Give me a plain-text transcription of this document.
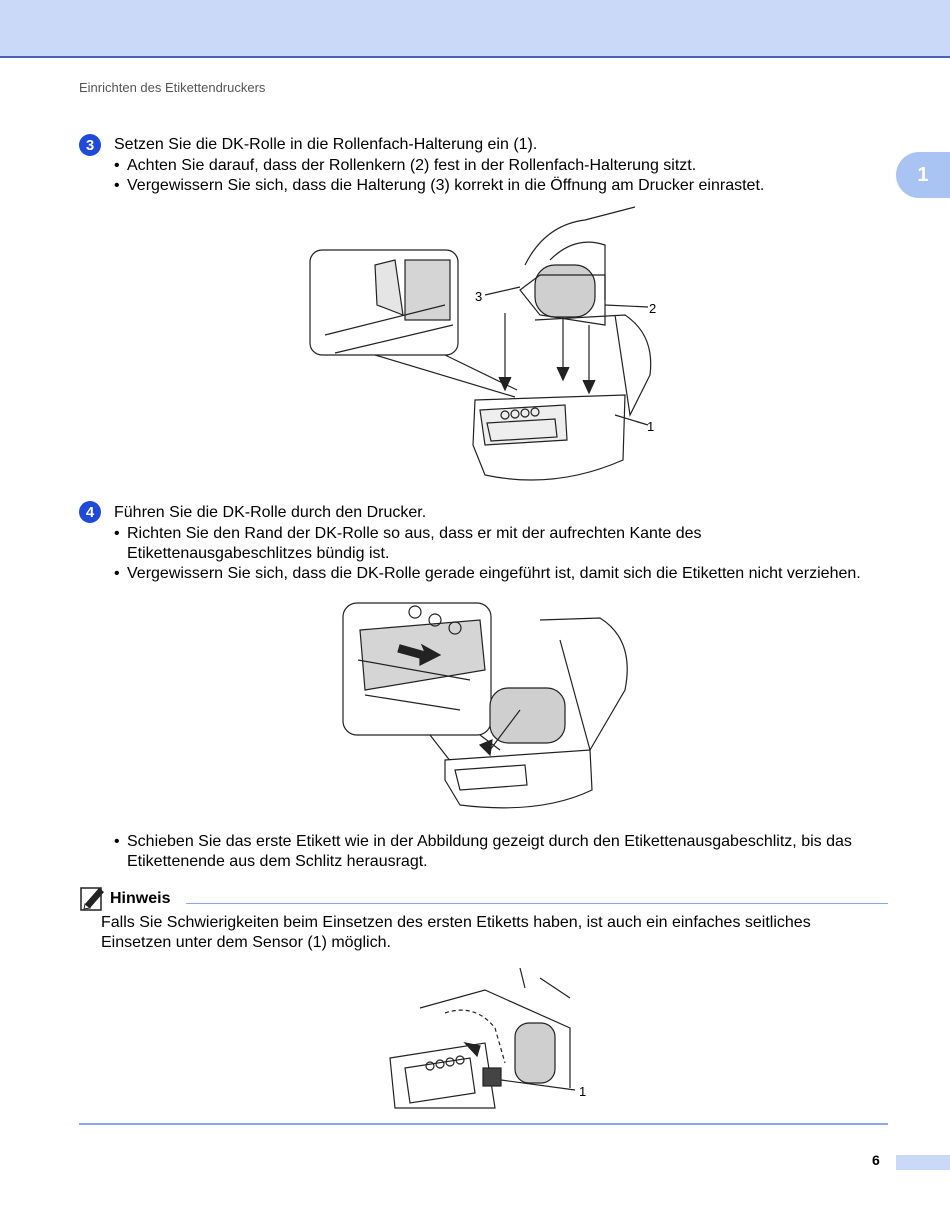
Einrichten des Etikettendruckers
1
3	Setzen Sie die DK-Rolle in die Rollenfach-Halterung ein (1).
• Achten Sie darauf, dass der Rollenkern (2) fest in der Rollenfach-Halterung sitzt.
• Vergewissern Sie sich, dass die Halterung (3) korrekt in die Öffnung am Drucker einrastet.
3
2
1
4	Führen Sie die DK-Rolle durch den Drucker.
• Richten Sie den Rand der DK-Rolle so aus, dass er mit der aufrechten Kante des Etikettenausgabeschlitzes bündig ist.
• Vergewissern Sie sich, dass die DK-Rolle gerade eingeführt ist, damit sich die Etiketten nicht verziehen.
• Schieben Sie das erste Etikett wie in der Abbildung gezeigt durch den Etikettenausgabeschlitz, bis das Etikettenende aus dem Schlitz herausragt.
Hinweis
Falls Sie Schwierigkeiten beim Einsetzen des ersten Etiketts haben, ist auch ein einfaches seitliches Einsetzen unter dem Sensor (1) möglich.
1
6
